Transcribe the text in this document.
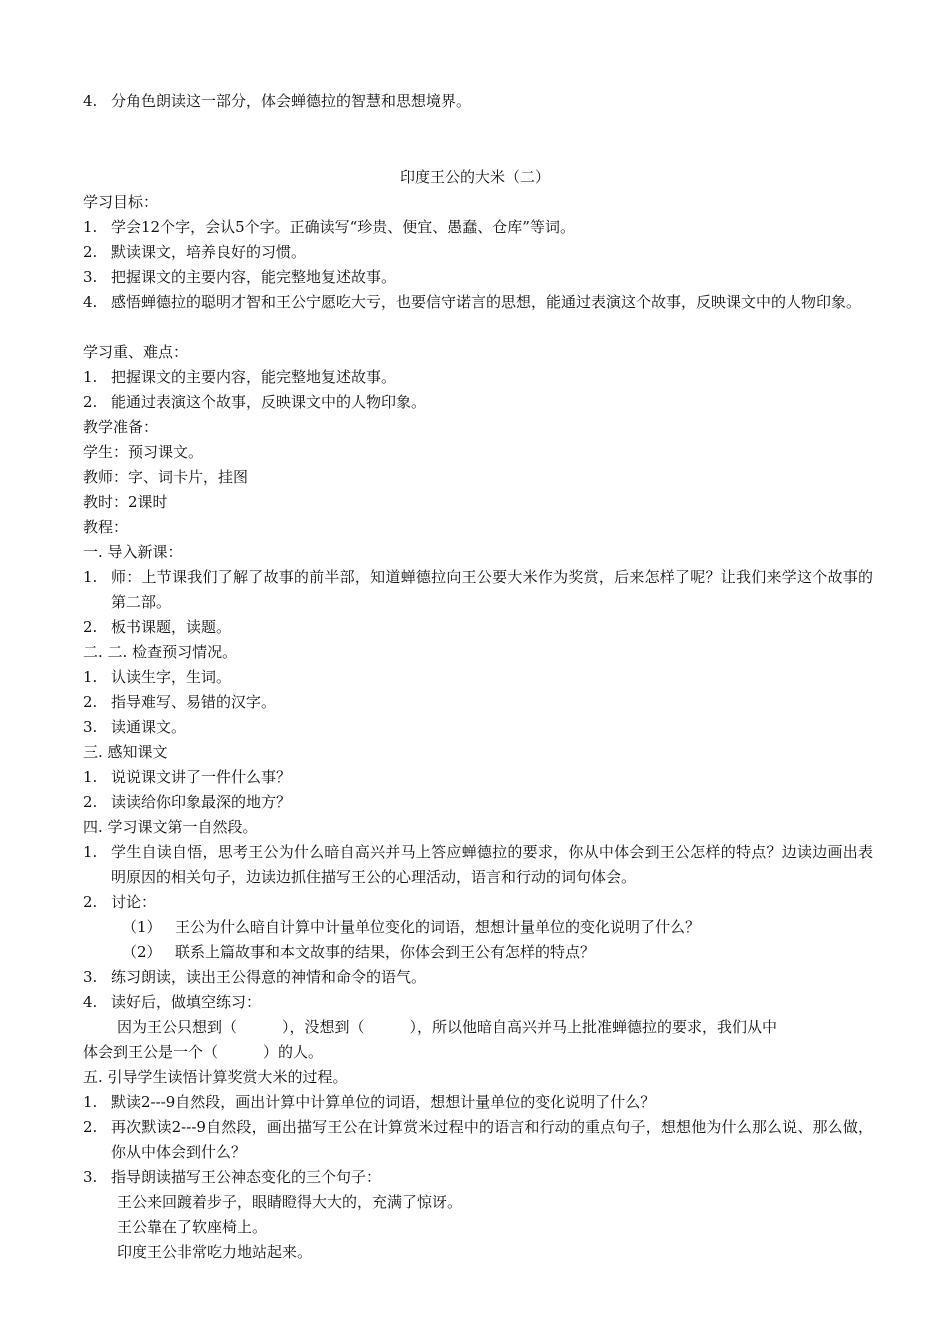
4. 分角色朗读这一部分，体会蝉德拉的智慧和思想境界。
印度王公的大米（二）
学习目标：
1. 学会12个字，会认5个字。正确读写“珍贵、便宜、愚蠢、仓库”等词。
2. 默读课文，培养良好的习惯。
3. 把握课文的主要内容，能完整地复述故事。
4. 感悟蝉德拉的聪明才智和王公宁愿吃大亏，也要信守诺言的思想，能通过表演这个故事，反映课文中的人物印象。
学习重、难点：
1. 把握课文的主要内容，能完整地复述故事。
2. 能通过表演这个故事，反映课文中的人物印象。
教学准备：
学生：预习课文。
教师：字、词卡片，挂图
教时：2课时
教程：
一. 导入新课：
1. 师：上节课我们了解了故事的前半部，知道蝉德拉向王公要大米作为奖赏，后来怎样了呢？让我们来学这个故事的第二部。
2. 板书课题，读题。
二. 二. 检查预习情况。
1. 认读生字，生词。
2. 指导难写、易错的汉字。
3. 读通课文。
三. 感知课文
1. 说说课文讲了一件什么事？
2. 读读给你印象最深的地方？
四. 学习课文第一自然段。
1. 学生自读自悟，思考王公为什么暗自高兴并马上答应蝉德拉的要求，你从中体会到王公怎样的特点？边读边画出表明原因的相关句子，边读边抓住描写王公的心理活动，语言和行动的词句体会。
2. 讨论：
（1） 王公为什么暗自计算中计量单位变化的词语，想想计量单位的变化说明了什么？
（2） 联系上篇故事和本文故事的结果，你体会到王公有怎样的特点？
3. 练习朗读，读出王公得意的神情和命令的语气。
4. 读好后，做填空练习：
因为王公只想到（　　　），没想到（　　　），所以他暗自高兴并马上批准蝉德拉的要求，我们从中
体会到王公是一个（　　　）的人。
五. 引导学生读悟计算奖赏大米的过程。
1. 默读2---9自然段，画出计算中计算单位的词语，想想计量单位的变化说明了什么？
2. 再次默读2---9自然段，画出描写王公在计算赏米过程中的语言和行动的重点句子，想想他为什么那么说、那么做，你从中体会到什么？
3. 指导朗读描写王公神态变化的三个句子：
王公来回踱着步子，眼睛瞪得大大的，充满了惊讶。
王公靠在了软座椅上。
印度王公非常吃力地站起来。
